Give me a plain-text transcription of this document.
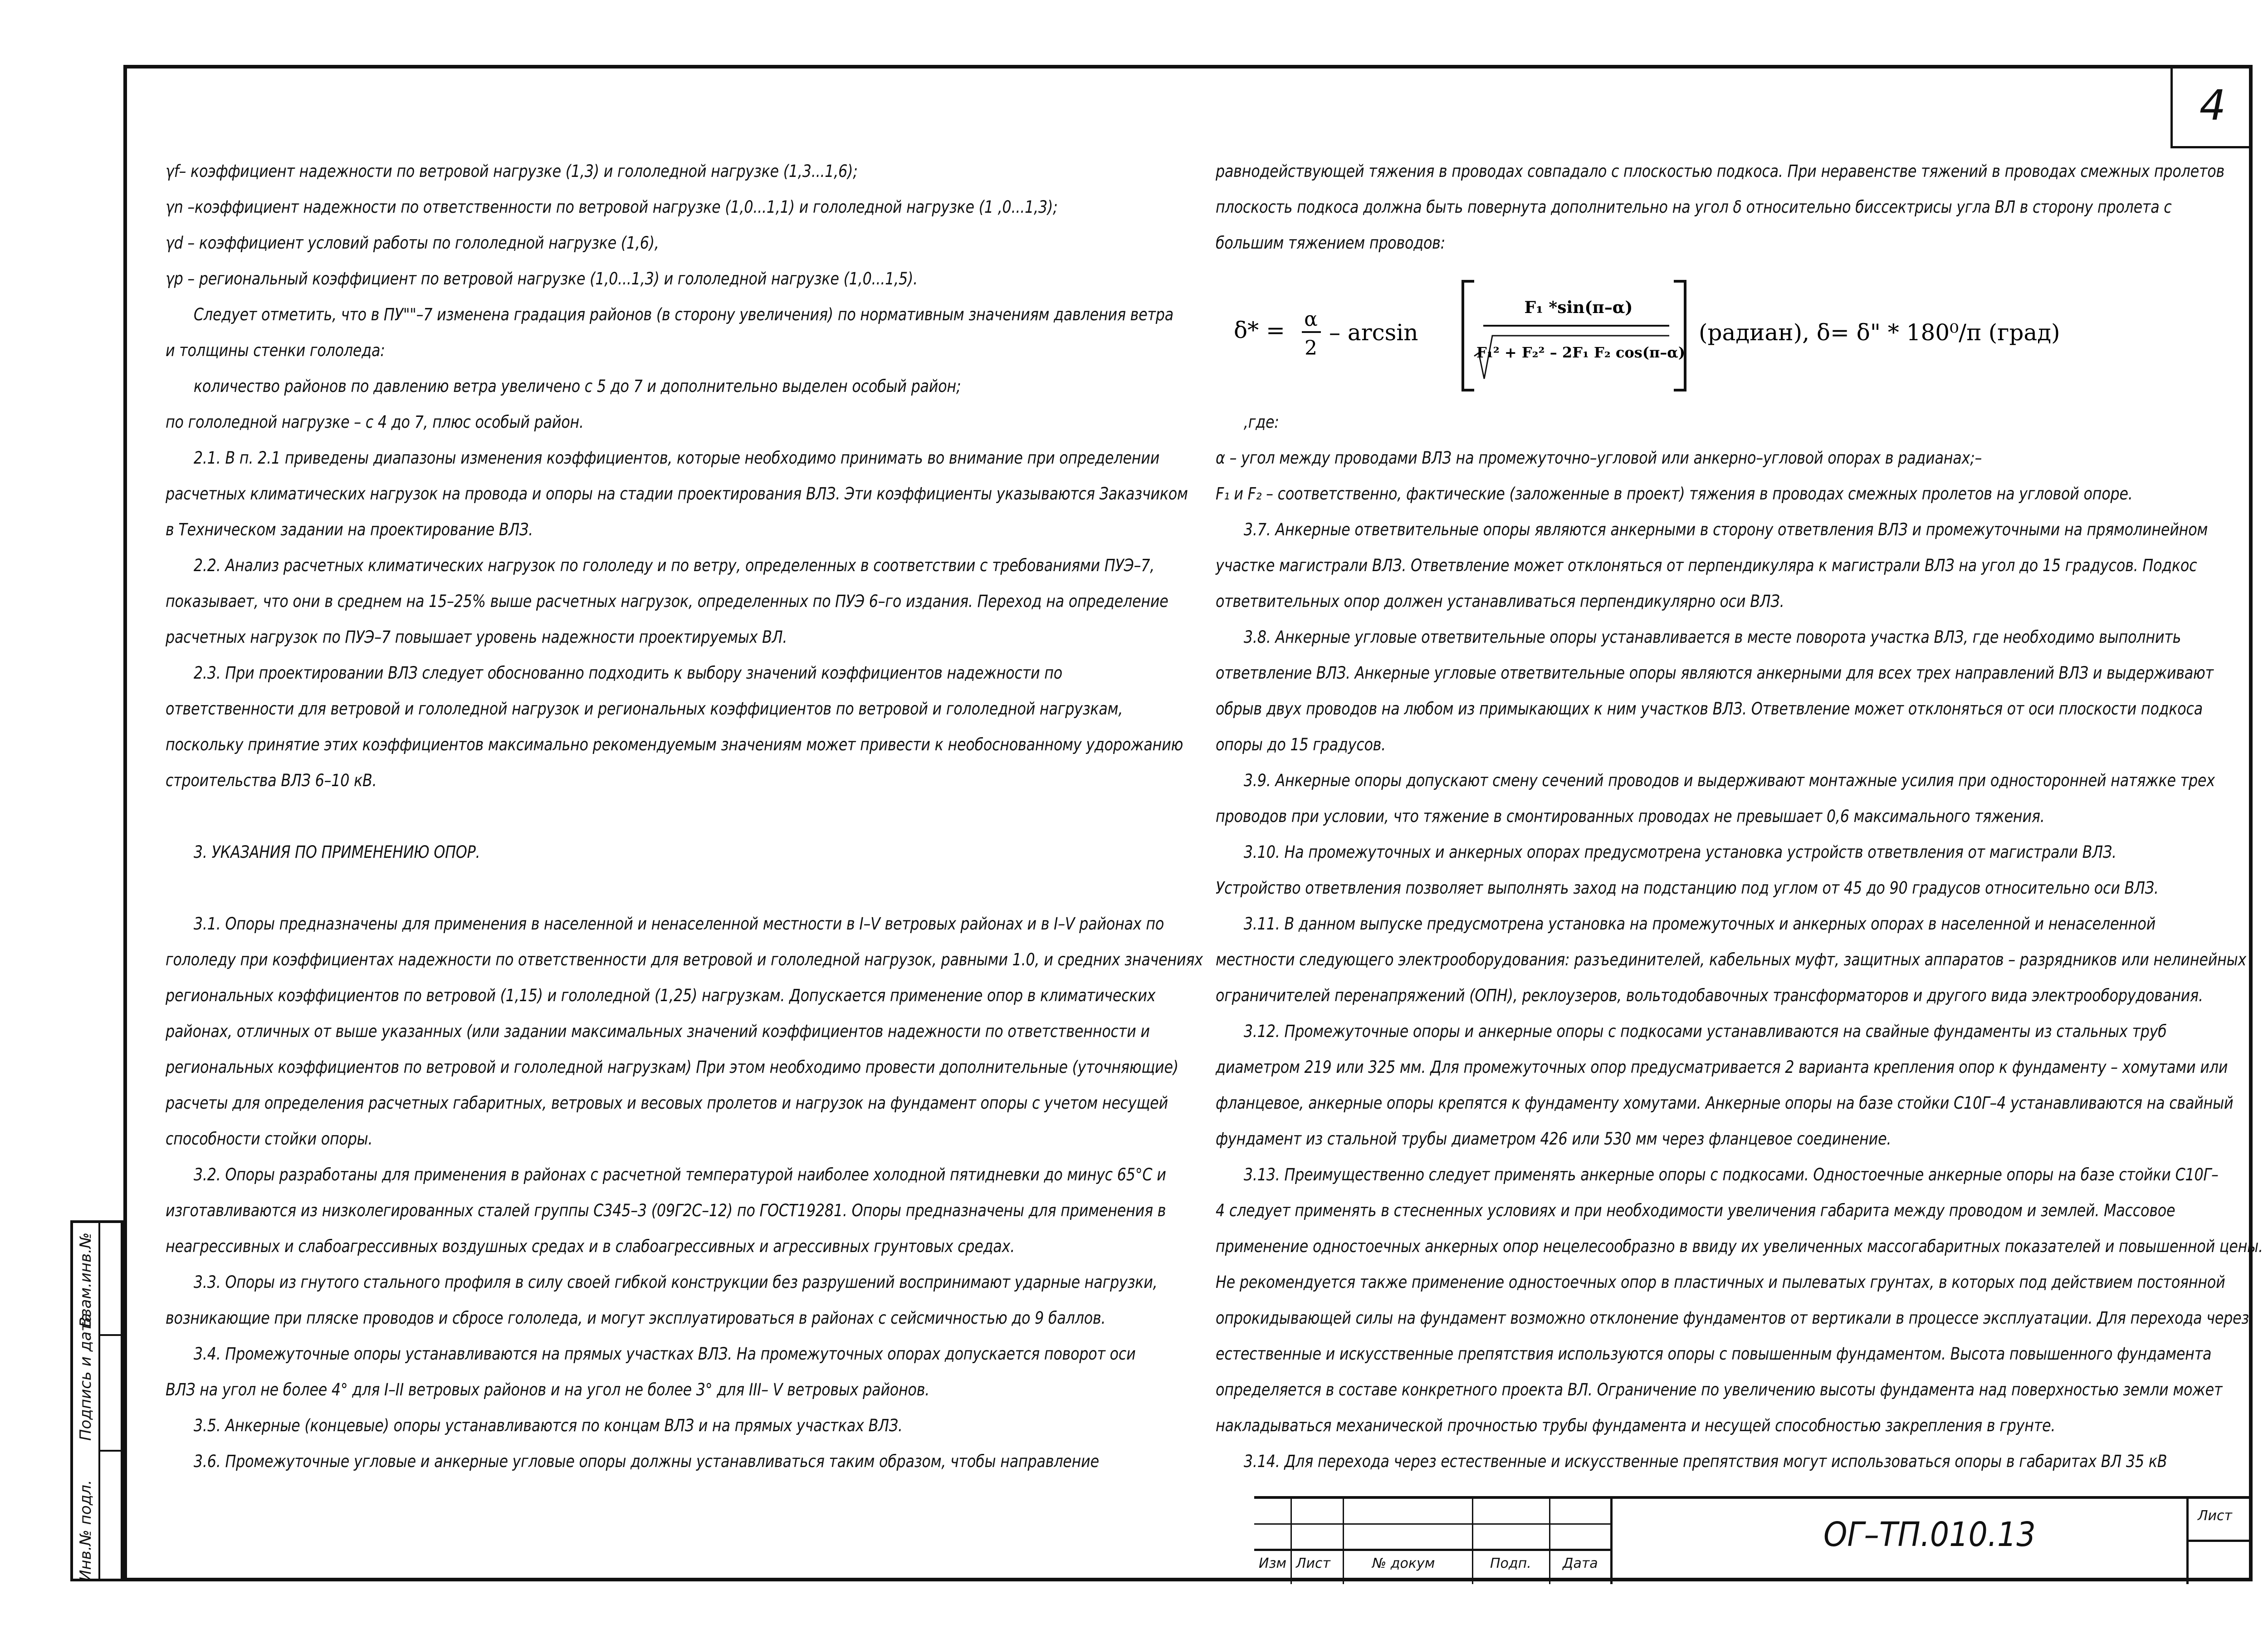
4

γf– коэффициент надежности по ветровой нагрузке (1,3) и гололедной нагрузке (1,3...1,6);

γn –коэффициент надежности по ответственности по ветровой нагрузке (1,0...1,1) и гололедной нагрузке (1 ,0...1,3);

γd – коэффициент условий работы по гололедной нагрузке (1,6),

γp – региональный коэффициент по ветровой нагрузке (1,0...1,3) и гололедной нагрузке (1,0...1,5).

Следует отметить, что в ПУ""–7 изменена градация районов (в сторону увеличения) по нормативным значениям давления ветра

и толщины стенки гололеда:

количество районов по давлению ветра увеличено с 5 до 7 и дополнительно выделен особый район;

по гололедной нагрузке – с 4 до 7, плюс особый район.

2.1. В п. 2.1 приведены диапазоны изменения коэффициентов, которые необходимо принимать во внимание при определении

расчетных климатических нагрузок на провода и опоры на стадии проектирования ВЛЗ. Эти коэффициенты указываются Заказчиком

в Техническом задании на проектирование ВЛЗ.

2.2. Анализ расчетных климатических нагрузок по гололеду и по ветру, определенных в соответствии с требованиями ПУЭ–7,

показывает, что они в среднем на 15–25% выше расчетных нагрузок, определенных по ПУЭ 6–го издания. Переход на определение

расчетных нагрузок по ПУЭ–7 повышает уровень надежности проектируемых ВЛ.

2.3. При проектировании ВЛЗ следует обоснованно подходить к выбору значений коэффициентов надежности по

ответственности для ветровой и гололедной нагрузок и региональных коэффициентов по ветровой и гололедной нагрузкам,

поскольку принятие этих коэффициентов максимально рекомендуемым значениям может привести к необоснованному удорожанию

строительства ВЛЗ 6–10 кВ.

3. УКАЗАНИЯ ПО ПРИМЕНЕНИЮ ОПОР.

3.1. Опоры предназначены для применения в населенной и ненаселенной местности в I–V ветровых районах и в I–V районах по

гололеду при коэффициентах надежности по ответственности для ветровой и гололедной нагрузок, равными 1.0, и средних значениях

региональных коэффициентов по ветровой (1,15) и гололедной (1,25) нагрузкам. Допускается применение опор в климатических

районах, отличных от выше указанных (или задании максимальных значений коэффициентов надежности по ответственности и

региональных коэффициентов по ветровой и гололедной нагрузкам) При этом необходимо провести дополнительные (уточняющие)

расчеты для определения расчетных габаритных, ветровых и весовых пролетов и нагрузок на фундамент опоры с учетом несущей

способности стойки опоры.

3.2. Опоры разработаны для применения в районах с расчетной температурой наиболее холодной пятидневки до минус 65°С и

изготавливаются из низколегированных сталей группы С345–3 (09Г2С–12) по ГОСТ19281. Опоры предназначены для применения в

неагрессивных и слабоагрессивных воздушных средах и в слабоагрессивных и агрессивных грунтовых средах.

3.3. Опоры из гнутого стального профиля в силу своей гибкой конструкции без разрушений воспринимают ударные нагрузки,

возникающие при пляске проводов и сбросе гололеда, и могут эксплуатироваться в районах с сейсмичностью до 9 баллов.

3.4. Промежуточные опоры устанавливаются на прямых участках ВЛЗ. На промежуточных опорах допускается поворот оси

ВЛЗ на угол не более 4° для I–II ветровых районов и на угол не более 3° для III– V ветровых районов.

3.5. Анкерные (концевые) опоры устанавливаются по концам ВЛЗ и на прямых участках ВЛЗ.

3.6. Промежуточные угловые и анкерные угловые опоры должны устанавливаться таким образом, чтобы направление

равнодействующей тяжения в проводах совпадало с плоскостью подкоса. При неравенстве тяжений в проводах смежных пролетов

плоскость подкоса должна быть повернута дополнительно на угол δ относительно биссектрисы угла ВЛ в сторону пролета с

большим тяжением проводов:

δ* = α
2
– arcsin
F₁ *sin(π–α)
F₁² + F₂² – 2F₁ F₂ cos(π–α)
(радиан), δ= δ" * 180⁰/π (град)

,где:

α – угол между проводами ВЛЗ на промежуточно–угловой или анкерно–угловой опорах в радианах;–

F₁ и F₂ – соответственно, фактические (заложенные в проект) тяжения в проводах смежных пролетов на угловой опоре.

3.7. Анкерные ответвительные опоры являются анкерными в сторону ответвления ВЛЗ и промежуточными на прямолинейном

участке магистрали ВЛЗ. Ответвление может отклоняться от перпендикуляра к магистрали ВЛЗ на угол до 15 градусов. Подкос

ответвительных опор должен устанавливаться перпендикулярно оси ВЛЗ.

3.8. Анкерные угловые ответвительные опоры устанавливается в месте поворота участка ВЛЗ, где необходимо выполнить

ответвление ВЛЗ. Анкерные угловые ответвительные опоры являются анкерными для всех трех направлений ВЛЗ и выдерживают

обрыв двух проводов на любом из примыкающих к ним участков ВЛЗ. Ответвление может отклоняться от оси плоскости подкоса

опоры до 15 градусов.

3.9. Анкерные опоры допускают смену сечений проводов и выдерживают монтажные усилия при односторонней натяжке трех

проводов при условии, что тяжение в смонтированных проводах не превышает 0,6 максимального тяжения.

3.10. На промежуточных и анкерных опорах предусмотрена установка устройств ответвления от магистрали ВЛЗ.

Устройство ответвления позволяет выполнять заход на подстанцию под углом от 45 до 90 градусов относительно оси ВЛЗ.

3.11. В данном выпуске предусмотрена установка на промежуточных и анкерных опорах в населенной и ненаселенной

местности следующего электрооборудования: разъединителей, кабельных муфт, защитных аппаратов – разрядников или нелинейных

ограничителей перенапряжений (ОПН), реклоузеров, вольтодобавочных трансформаторов и другого вида электрооборудования.

3.12. Промежуточные опоры и анкерные опоры с подкосами устанавливаются на свайные фундаменты из стальных труб

диаметром 219 или 325 мм. Для промежуточных опор предусматривается 2 варианта крепления опор к фундаменту – хомутами или

фланцевое, анкерные опоры крепятся к фундаменту хомутами. Анкерные опоры на базе стойки С10Г–4 устанавливаются на свайный

фундамент из стальной трубы диаметром 426 или 530 мм через фланцевое соединение.

3.13. Преимущественно следует применять анкерные опоры с подкосами. Одностоечные анкерные опоры на базе стойки С10Г–

4 следует применять в стесненных условиях и при необходимости увеличения габарита между проводом и землей. Массовое

применение одностоечных анкерных опор нецелесообразно в ввиду их увеличенных массогабаритных показателей и повышенной цены.

Не рекомендуется также применение одностоечных опор в пластичных и пылеватых грунтах, в которых под действием постоянной

опрокидывающей силы на фундамент возможно отклонение фундаментов от вертикали в процессе эксплуатации. Для перехода через

естественные и искусственные препятствия используются опоры с повышенным фундаментом. Высота повышенного фундамента

определяется в составе конкретного проекта ВЛ. Ограничение по увеличению высоты фундамента над поверхностью земли может

накладываться механической прочностью трубы фундамента и несущей способностью закрепления в грунте.

3.14. Для перехода через естественные и искусственные препятствия могут использоваться опоры в габаритах ВЛ 35 кВ

Инв.№ подл.
Подпись и дата
Взам.инв.№
Изм Лист	№ докум	Подп. Дата
Лист
ОГ–ТП.010.13
